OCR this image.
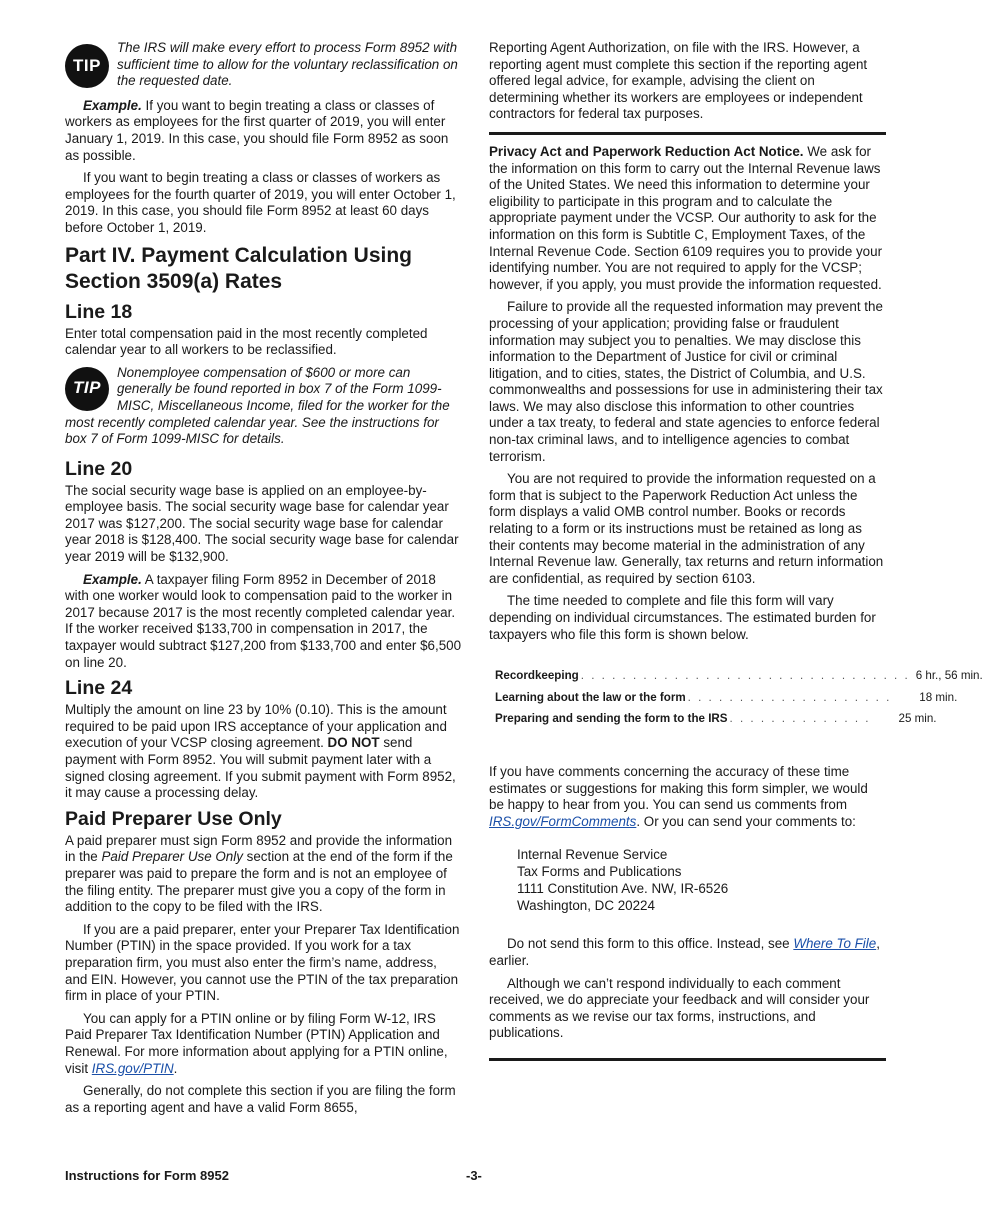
TIP
The IRS will make every effort to process Form 8952 with sufficient time to allow for the voluntary reclassification on the requested date.

Example. If you want to begin treating a class or classes of workers as employees for the first quarter of 2019, you will enter January 1, 2019. In this case, you should file Form 8952 as soon as possible.

If you want to begin treating a class or classes of workers as employees for the fourth quarter of 2019, you will enter October 1, 2019. In this case, you should file Form 8952 at least 60 days before October 1, 2019.

Part IV. Payment Calculation Using Section 3509(a) Rates
Line 18

Enter total compensation paid in the most recently completed calendar year to all workers to be reclassified.

TIP
Nonemployee compensation of $600 or more can generally be found reported in box 7 of the Form 1099-MISC, Miscellaneous Income, filed for the worker for the most recently completed calendar year. See the instructions for box 7 of Form 1099-MISC for details.
Line 20

The social security wage base is applied on an employee-by-employee basis. The social security wage base for calendar year 2017 was $127,200. The social security wage base for calendar year 2018 is $128,400. The social security wage base for calendar year 2019 will be $132,900.

Example. A taxpayer filing Form 8952 in December of 2018 with one worker would look to compensation paid to the worker in 2017 because 2017 is the most recently completed calendar year. If the worker received $133,700 in compensation in 2017, the taxpayer would subtract $127,200 from $133,700 and enter $6,500 on line 20.

Line 24

Multiply the amount on line 23 by 10% (0.10). This is the amount required to be paid upon IRS acceptance of your application and execution of your VCSP closing agreement. DO NOT send payment with Form 8952. You will submit payment later with a signed closing agreement. If you submit payment with Form 8952, it may cause a processing delay.

Paid Preparer Use Only

A paid preparer must sign Form 8952 and provide the information in the Paid Preparer Use Only section at the end of the form if the preparer was paid to prepare the form and is not an employee of the filing entity. The preparer must give you a copy of the form in addition to the copy to be filed with the IRS.

If you are a paid preparer, enter your Preparer Tax Identification Number (PTIN) in the space provided. If you work for a tax preparation firm, you must also enter the firm’s name, address, and EIN. However, you cannot use the PTIN of the tax preparation firm in place of your PTIN.

You can apply for a PTIN online or by filing Form W-12, IRS Paid Preparer Tax Identification Number (PTIN) Application and Renewal. For more information about applying for a PTIN online, visit IRS.gov/PTIN.

Generally, do not complete this section if you are filing the form as a reporting agent and have a valid Form 8655,

Reporting Agent Authorization, on file with the IRS. However, a reporting agent must complete this section if the reporting agent offered legal advice, for example, advising the client on determining whether its workers are employees or independent contractors for federal tax purposes.

Privacy Act and Paperwork Reduction Act Notice. We ask for the information on this form to carry out the Internal Revenue laws of the United States. We need this information to determine your eligibility to participate in this program and to calculate the appropriate payment under the VCSP. Our authority to ask for the information on this form is Subtitle C, Employment Taxes, of the Internal Revenue Code. Section 6109 requires you to provide your identifying number. You are not required to apply for the VCSP; however, if you apply, you must provide the information requested.

Failure to provide all the requested information may prevent the processing of your application; providing false or fraudulent information may subject you to penalties. We may disclose this information to the Department of Justice for civil or criminal litigation, and to cities, states, the District of Columbia, and U.S. commonwealths and possessions for use in administering their tax laws. We may also disclose this information to other countries under a tax treaty, to federal and state agencies to enforce federal non-tax criminal laws, and to intelligence agencies to combat terrorism.

You are not required to provide the information requested on a form that is subject to the Paperwork Reduction Act unless the form displays a valid OMB control number. Books or records relating to a form or its instructions must be retained as long as their contents may become material in the administration of any Internal Revenue law. Generally, tax returns and return information are confidential, as required by section 6103.

The time needed to complete and file this form will vary depending on individual circumstances. The estimated burden for taxpayers who file this form is shown below.

Recordkeeping . . . . . . . . . . . . . . . . . . . . . . . . . . . . . . . . 6 hr., 56 min.
Learning about the law or the form . . . . . . . . . . . . . . . . . . . .	18 min.
Preparing and sending the form to the IRS . . . . . . . . . . . . . .	25 min.

If you have comments concerning the accuracy of these time estimates or suggestions for making this form simpler, we would be happy to hear from you. You can send us comments from IRS.gov/FormComments. Or you can send your comments to:

Internal Revenue Service
Tax Forms and Publications
1111 Constitution Ave. NW, IR-6526
Washington, DC 20224

Do not send this form to this office. Instead, see Where To File, earlier.

Although we can’t respond individually to each comment received, we do appreciate your feedback and will consider your comments as we revise our tax forms, instructions, and publications.

Instructions for Form 8952	-3-
